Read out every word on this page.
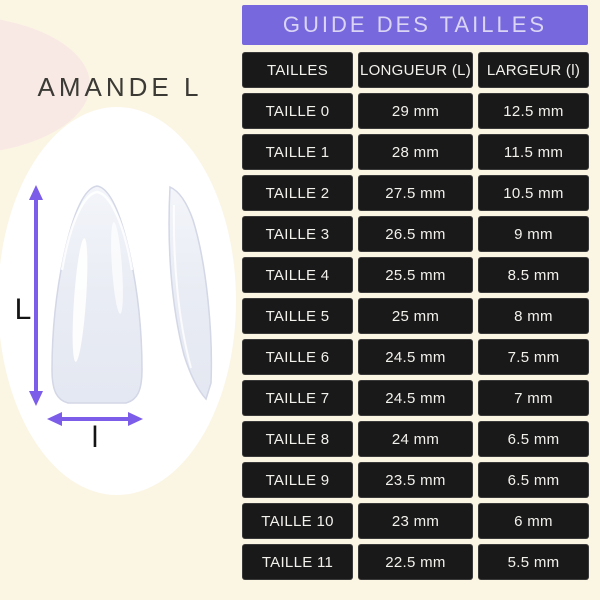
AMANDE L
L
l
GUIDE DES TAILLES
TAILLES	LONGUEUR (L)	LARGEUR (l)
TAILLE 0	29 mm	12.5 mm
TAILLE 1	28 mm	11.5 mm
TAILLE 2	27.5 mm	10.5 mm
TAILLE 3	26.5 mm	9 mm
TAILLE 4	25.5 mm	8.5 mm
TAILLE 5	25 mm	8 mm
TAILLE 6	24.5 mm	7.5 mm
TAILLE 7	24.5 mm	7 mm
TAILLE 8	24 mm	6.5 mm
TAILLE 9	23.5 mm	6.5 mm
TAILLE 10	23 mm	6 mm
TAILLE 11	22.5 mm	5.5 mm
